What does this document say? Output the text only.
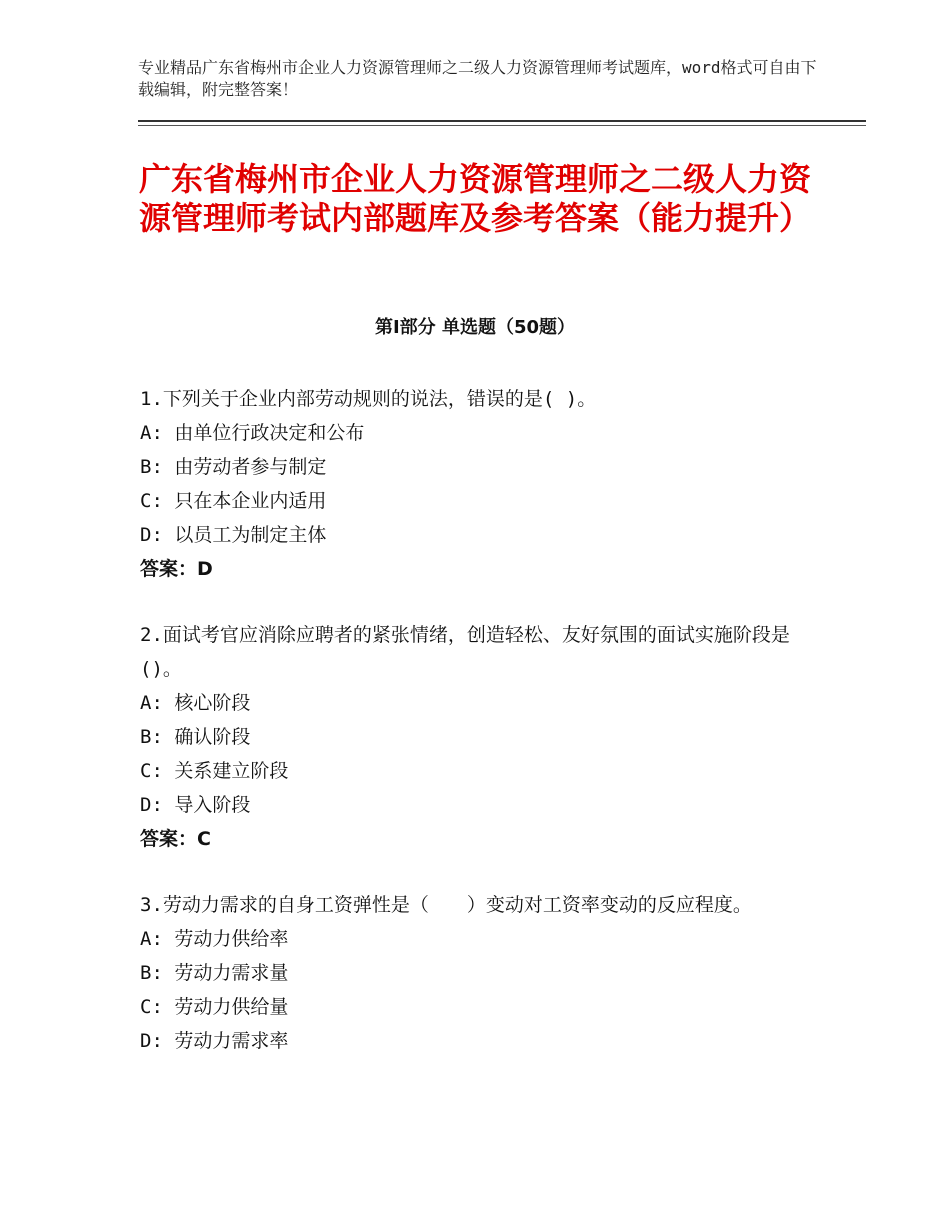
专业精品广东省梅州市企业人力资源管理师之二级人力资源管理师考试题库，word格式可自由下载编辑，附完整答案！
广东省梅州市企业人力资源管理师之二级人力资源管理师考试内部题库及参考答案（能力提升）
第Ⅰ部分 单选题（50题）
1.下列关于企业内部劳动规则的说法，错误的是( )。
A: 由单位行政决定和公布
B: 由劳动者参与制定
C: 只在本企业内适用
D: 以员工为制定主体
答案：D
2.面试考官应消除应聘者的紧张情绪，创造轻松、友好氛围的面试实施阶段是()。
A: 核心阶段
B: 确认阶段
C: 关系建立阶段
D: 导入阶段
答案：C
3.劳动力需求的自身工资弹性是（　　）变动对工资率变动的反应程度。
A: 劳动力供给率
B: 劳动力需求量
C: 劳动力供给量
D: 劳动力需求率
